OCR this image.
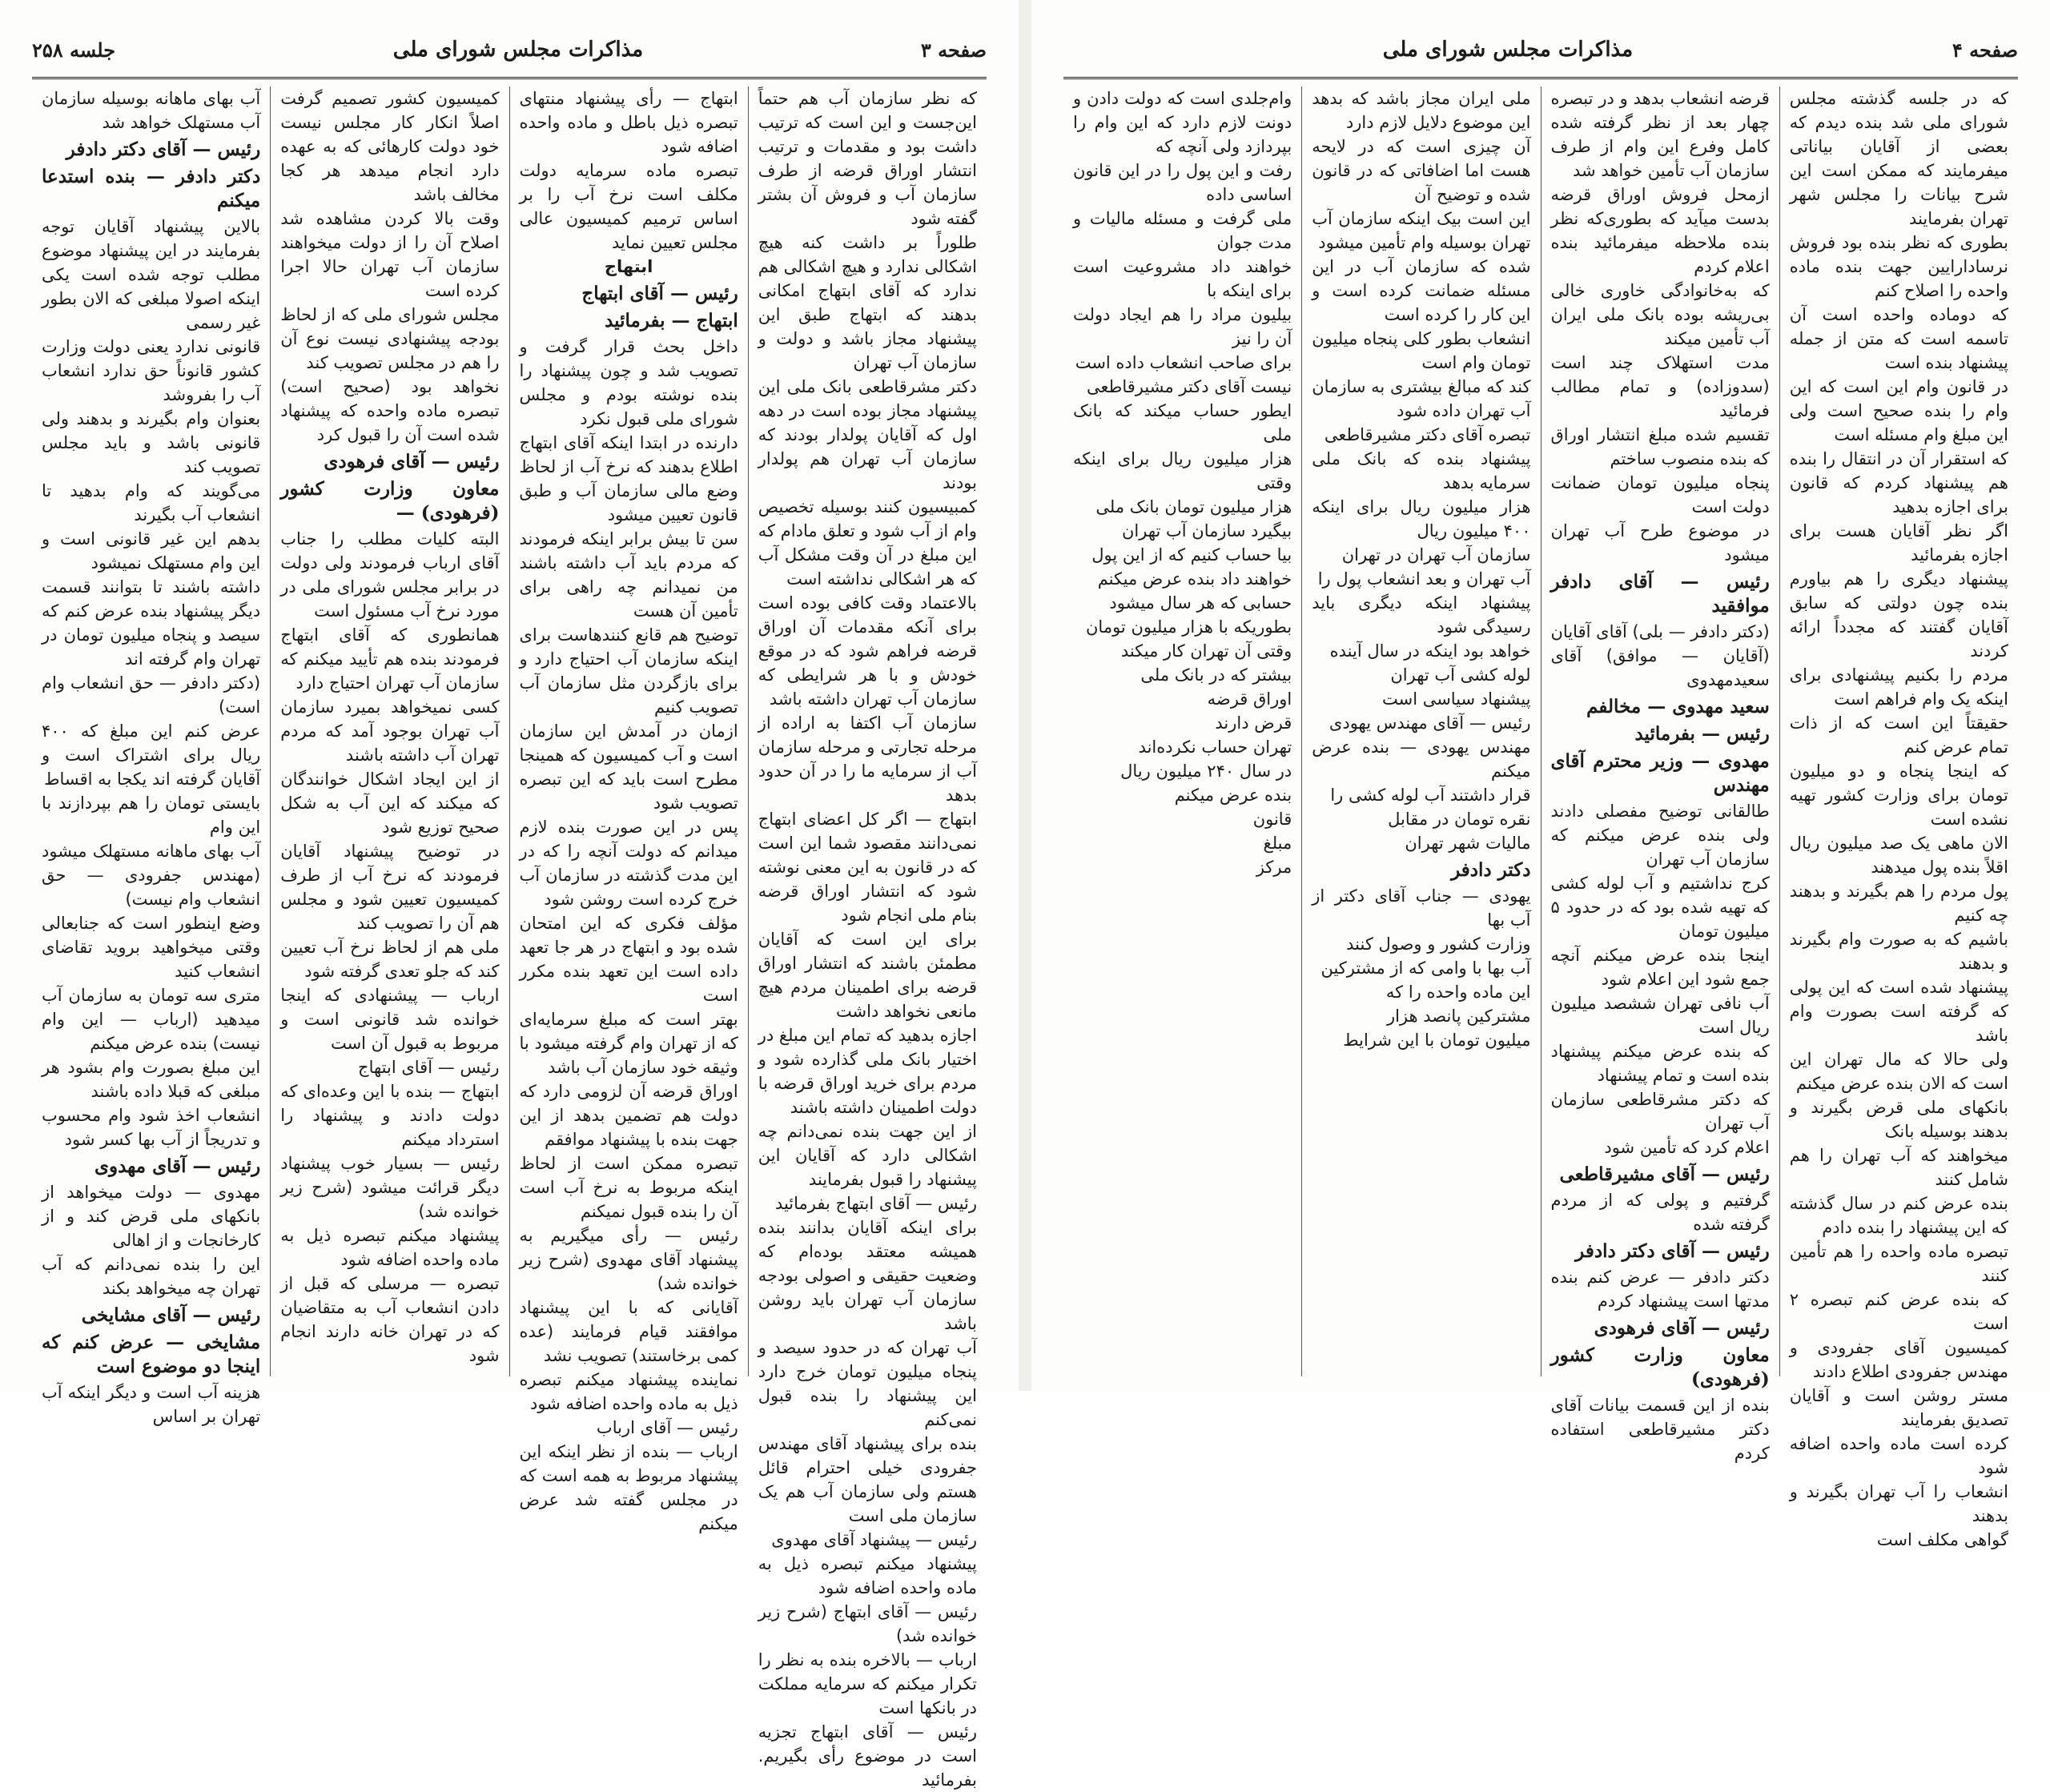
صفحه ۳
مذاکرات مجلس شورای ملی
جلسه ۲۵۸
که نظر سازمان آب هم حتماً این‌جست و این است که ترتیب داشت بود و مقدمات و ترتیب انتشار اوراق قرضه از طرف سازمان آب و فروش آن بشتر گفته شود
طلوراً بر داشت کنه هیچ اشکالی ندارد و هیچ اشکالی هم ندارد که آقای ابتهاج امکانی بدهند که ابتهاج طبق این پیشنهاد مجاز باشد و دولت و سازمان آب تهران
دکتر مشرقاطعی بانک ملی این پیشنهاد مجاز بوده است در دهه اول که آقایان پولدار بودند که سازمان آب تهران هم پولدار بودند
کمبیسیون کنند بوسیله تخصیص وام از آب شود و تعلق مادام که این مبلغ در آن وقت مشکل آب که هر اشکالی نداشته است
بالاعتماد وقت کافی بوده است برای آنکه مقدمات آن اوراق قرضه فراهم شود که در موقع خودش و با هر شرایطی که سازمان آب تهران داشته باشد
سازمان آب اکتفا به اراده از مرحله تجارتی و مرحله سازمان آب از سرمایه ما را در آن حدود بدهد
ابتهاج — اگر کل اعضای ابتهاج نمی‌دانند مقصود شما این است که در قانون به این معنی نوشته شود که انتشار اوراق قرضه بنام ملی انجام شود
برای این است که آقایان مطمئن باشند که انتشار اوراق قرضه برای اطمینان مردم هیچ مانعی نخواهد داشت
اجازه بدهید که تمام این مبلغ در اختیار بانک ملی گذارده شود و مردم برای خرید اوراق قرضه با دولت اطمینان داشته باشند
از این جهت بنده نمی‌دانم چه اشکالی دارد که آقایان این پیشنهاد را قبول بفرمایند
رئیس — آقای ابتهاج بفرمائید
برای اینکه آقایان بدانند بنده همیشه معتقد بوده‌ام که وضعیت حقیقی و اصولی بودجه سازمان آب تهران باید روشن باشد
آب تهران که در حدود سیصد و پنجاه میلیون تومان خرج دارد این پیشنهاد را بنده قبول نمی‌کنم
بنده برای پیشنهاد آقای مهندس جفرودی خیلی احترام قائل هستم ولی سازمان آب هم یک سازمان ملی است
رئیس — پیشنهاد آقای مهدوی
پیشنهاد میکنم تبصره ذیل به ماده واحده اضافه شود
رئیس — آقای ابتهاج (شرح زیر خوانده شد)
ارباب — بالاخره بنده به نظر را تکرار میکنم که سرمایه مملکت در بانکها است
رئیس — آقای ابتهاج تجزیه است در موضوع رأی بگیریم. بفرمائید
ابتهاج — رأی پیشنهاد منتهای تبصره ذیل باطل و ماده واحده اضافه شود
تبصره ماده سرمایه دولت مکلف است نرخ آب را بر اساس ترمیم کمیسیون عالی مجلس تعیین نماید
ابتهاج
رئیس — آقای ابتهاج
ابتهاج — بفرمائید
داخل بحث قرار گرفت و تصویب شد و چون پیشنهاد را بنده نوشته بودم و مجلس شورای ملی قبول نکرد
دارنده در ابتدا اینکه آقای ابتهاج اطلاع بدهند که نرخ آب از لحاظ وضع مالی سازمان آب و طبق قانون تعیین میشود
سن تا بیش برابر اینکه فرمودند که مردم باید آب داشته باشند من نمیدانم چه راهی برای تأمین آن هست
توضیح هم قانع کنندهاست برای اینکه سازمان آب احتیاج دارد و برای بازگردن مثل سازمان آب تصویب کنیم
ازمان در آمدش این سازمان است و آب کمیسیون که همینجا مطرح است باید که این تبصره تصویب شود
پس در این صورت بنده لازم میدانم که دولت آنچه را که در این مدت گذشته در سازمان آب خرج کرده است روشن شود
مؤلف فکری که این امتحان شده بود و ابتهاج در هر جا تعهد داده است این تعهد بنده مکرر است
بهتر است که مبلغ سرمایه‌ای که از تهران وام گرفته میشود با وثیقه خود سازمان آب باشد
اوراق قرضه آن لزومی دارد که دولت هم تضمین بدهد از این جهت بنده با پیشنهاد موافقم
تبصره ممکن است از لحاظ اینکه مربوط به نرخ آب است آن را بنده قبول نمیکنم
رئیس — رأی میگیریم به پیشنهاد آقای مهدوی (شرح زیر خوانده شد)
آقایانی که با این پیشنهاد موافقند قیام فرمایند (عده کمی برخاستند) تصویب نشد
نماینده پیشنهاد میکنم تبصره ذیل به ماده واحده اضافه شود
رئیس — آقای ارباب
ارباب — بنده از نظر اینکه این پیشنهاد مربوط به همه است که در مجلس گفته شد عرض میکنم
کمیسیون کشور تصمیم گرفت اصلاً انکار کار مجلس نیست خود دولت کارهائی که به عهده دارد انجام میدهد هر کجا مخالف باشد
وقت بالا کردن مشاهده شد اصلاح آن را از دولت میخواهند سازمان آب تهران حالا اجرا کرده است
مجلس شورای ملی که از لحاظ بودجه پیشنهادی نیست نوع آن را هم در مجلس تصویب کند
نخواهد بود (صحیح است) تبصره ماده واحده که پیشنهاد شده است آن را قبول کرد
رئیس — آقای فرهودی
معاون وزارت کشور (فرهودی) —
البته کلیات مطلب را جناب آقای ارباب فرمودند ولی دولت در برابر مجلس شورای ملی در مورد نرخ آب مسئول است
همانطوری که آقای ابتهاج فرمودند بنده هم تأیید میکنم که سازمان آب تهران احتیاج دارد
کسی نمیخواهد بمیرد سازمان آب تهران بوجود آمد که مردم تهران آب داشته باشند
از این ایجاد اشکال خوانندگان که میکند که این آب به شکل صحیح توزیع شود
در توضیح پیشنهاد آقایان فرمودند که نرخ آب از طرف کمیسیون تعیین شود و مجلس هم آن را تصویب کند
ملی هم از لحاظ نرخ آب تعیین کند که جلو تعدی گرفته شود
ارباب — پیشنهادی که اینجا خوانده شد قانونی است و مربوط به قبول آن است
رئیس — آقای ابتهاج
ابتهاج — بنده با این وعده‌ای که دولت دادند و پیشنهاد را استرداد میکنم
رئیس — بسیار خوب پیشنهاد دیگر قرائت میشود (شرح زیر خوانده شد)
پیشنهاد میکنم تبصره ذیل به ماده واحده اضافه شود
تبصره — مرسلی که قبل از دادن انشعاب آب به متقاضیان که در تهران خانه دارند انجام شود
آب بهای ماهانه بوسیله سازمان آب مستهلک خواهد شد
رئیس — آقای دکتر دادفر
دکتر دادفر — بنده استدعا میکنم
بالاین پیشنهاد آقایان توجه بفرمایند در این پیشنهاد موضوع مطلب توجه شده است یکی اینکه اصولا مبلغی که الان بطور غیر رسمی
قانونی ندارد یعنی دولت وزارت کشور قانوناً حق ندارد انشعاب آب را بفروشد
بعنوان وام بگیرند و بدهند ولی قانونی باشد و باید مجلس تصویب کند
می‌گویند که وام بدهید تا انشعاب آب بگیرند
بدهم این غیر قانونی است و این وام مستهلک نمیشود
داشته باشند تا بتوانند قسمت دیگر پیشنهاد بنده عرض کنم که سیصد و پنجاه میلیون تومان در تهران وام گرفته اند
(دکتر دادفر — حق انشعاب وام است)
عرض کنم این مبلغ که ۴۰۰ ریال برای اشتراک است و آقایان گرفته اند یکجا به اقساط
بایستی تومان را هم بپردازند با این وام
آب بهای ماهانه مستهلک میشود (مهندس جفرودی — حق انشعاب وام نیست)
وضع اینطور است که جنابعالی وقتی میخواهید بروید تقاضای انشعاب کنید
متری سه تومان به سازمان آب میدهید (ارباب — این وام نیست) بنده عرض میکنم
این مبلغ بصورت وام بشود هر مبلغی که قبلا داده باشند
انشعاب اخذ شود وام محسوب و تدریجاً از آب بها کسر شود
رئیس — آقای مهدوی
مهدوی — دولت میخواهد از بانکهای ملی قرض کند و از کارخانجات و از اهالی
این را بنده نمی‌دانم که آب تهران چه میخواهد بکند
رئیس — آقای مشایخی
مشایخی — عرض کنم که اینجا دو موضوع است
هزینه آب است و دیگر اینکه آب تهران بر اساس
صفحه ۴
مذاکرات مجلس شورای ملی
که در جلسه گذشته مجلس شورای ملی شد بنده دیدم که بعضی از آقایان بیاناتی میفرمایند که ممکن است این شرح بیانات را مجلس شهر تهران بفرمایند
بطوری که نظر بنده بود فروش نرسادارایین جهت بنده ماده واحده را اصلاح کنم
که دوماده واحده است آن تاسمه است که متن از جمله پیشنهاد بنده است
در قانون وام این است که این وام را بنده صحیح است ولی این مبلغ وام مسئله است
که استقرار آن در انتقال را بنده هم پیشنهاد کردم که قانون برای اجازه بدهید
اگر نظر آقایان هست برای اجازه بفرمائید
پیشنهاد دیگری را هم بیاورم بنده چون دولتی که سابق آقایان گفتند که مجدداً ارائه کردند
مردم را بکنیم پیشنهادی برای اینکه یک وام فراهم است
حقیقتاً این است که از ذات تمام عرض کنم
که اینجا پنجاه و دو میلیون تومان برای وزارت کشور تهیه نشده است
الان ماهی یک صد میلیون ریال اقلاً بنده پول میدهند
پول مردم را هم بگیرند و بدهند چه کنیم
باشیم که به صورت وام بگیرند و بدهند
پیشنهاد شده است که این پولی که گرفته است بصورت وام باشد
ولی حالا که مال تهران این است که الان بنده عرض میکنم
بانکهای ملی قرض بگیرند و بدهند بوسیله بانک
میخواهند که آب تهران را هم شامل کنند
بنده عرض کنم در سال گذشته که این پیشنهاد را بنده دادم
تبصره ماده واحده را هم تأمین کنند
که بنده عرض کنم تبصره ۲ است
کمیسیون آقای جفرودی و مهندس جفرودی اطلاع دادند
مستر روشن است و آقایان تصدیق بفرمایند
کرده است ماده واحده اضافه شود
انشعاب را آب تهران بگیرند و بدهند
گواهی مکلف است
قرضه انشعاب بدهد و در تبصره چهار بعد از نظر گرفته شده کامل وفرع این وام از طرف سازمان آب تأمین خواهد شد
ازمحل فروش اوراق قرضه بدست میآید که بطوری‌که نظر بنده ملاحظه میفرمائید بنده اعلام کردم
که به‌خانوادگی خاوری خالی بی‌ریشه بوده بانک ملی ایران آب تأمین میکند
مدت استهلاک چند است (سدوزاده) و تمام مطالب فرمائید
تقسیم شده مبلغ انتشار اوراق که بنده منصوب ساختم
پنجاه میلیون تومان ضمانت دولت است
در موضوع طرح آب تهران میشود
رئیس — آقای دادفر موافقید
(دکتر دادفر — بلی) آقای آقایان (آقایان — موافق) آقای سعیدمهدوی
سعید مهدوی — مخالفم
رئیس — بفرمائید
مهدوی — وزیر محترم آقای مهندس
طالقانی توضیح مفصلی دادند ولی بنده عرض میکنم که سازمان آب تهران
کرج نداشتیم و آب لوله کشی که تهیه شده بود که در حدود ۵ میلیون تومان
اینجا بنده عرض میکنم آنچه جمع شود این اعلام شود
آب نافی تهران ششصد میلیون ریال است
که بنده عرض میکنم پیشنهاد بنده است و تمام پیشنهاد
که دکتر مشرقاطعی سازمان آب تهران
اعلام کرد که تأمین شود
رئیس — آقای مشیرقاطعی
گرفتیم و پولی که از مردم گرفته شده
رئیس — آقای دکتر دادفر
دکتر دادفر — عرض کنم بنده مدتها است پیشنهاد کردم
رئیس — آقای فرهودی
معاون وزارت کشور (فرهودی)
بنده از این قسمت بیانات آقای دکتر مشیرقاطعی استفاده کردم
ملی ایران مجاز باشد که بدهد این موضوع دلایل لازم دارد
آن چیزی است که در لایحه هست اما اضافاتی که در قانون شده و توضیح آن
این است بیک اینکه سازمان آب تهران بوسیله وام تأمین میشود
شده که سازمان آب در این مسئله ضمانت کرده است و این کار را کرده است
انشعاب بطور کلی پنجاه میلیون تومان وام است
کند که مبالغ بیشتری به سازمان آب تهران داده شود
تبصره آقای دکتر مشیرقاطعی
پیشنهاد بنده که بانک ملی سرمایه بدهد
هزار میلیون ریال برای اینکه ۴۰۰ میلیون ریال
سازمان آب تهران در تهران
آب تهران و بعد انشعاب پول را
پیشنهاد اینکه دیگری باید رسیدگی شود
خواهد بود اینکه در سال آینده
لوله کشی آب تهران
پیشنهاد سیاسی است
رئیس — آقای مهندس یهودی
مهندس یهودی — بنده عرض میکنم
قرار داشتند آب لوله کشی را
نقره تومان در مقابل
مالیات شهر تهران
دکتر دادفر
یهودی — جناب آقای دکتر از آب بها
وزارت کشور و وصول کنند
آب بها با وامی که از مشترکین
این ماده واحده را که
مشترکین پانصد هزار
میلیون تومان با این شرایط
وام‌جلدی است که دولت دادن و دونت لازم دارد که این وام را بپردازد ولی آنچه که
رفت و این پول را در این قانون اساسی داده
ملی گرفت و مسئله مالیات و مدت جوان
خواهند داد مشروعیت است برای اینکه با
بیلیون مراد را هم ایجاد دولت آن را نیز
برای صاحب انشعاب داده است
نیست آقای دکتر مشیرقاطعی
ایطور حساب میکند که بانک ملی
هزار میلیون ریال برای اینکه وقتی
هزار میلیون تومان بانک ملی
بیگیرد سازمان آب تهران
بیا حساب کنیم که از این پول
خواهند داد بنده عرض میکنم
حسابی که هر سال میشود
بطوریکه با هزار میلیون تومان
وقتی آن تهران کار میکند
بیشتر که در بانک ملی
اوراق قرضه
قرض دارند
تهران حساب نکرده‌اند
در سال ۲۴۰ میلیون ریال
بنده عرض میکنم
قانون
مبلغ
مرکز
